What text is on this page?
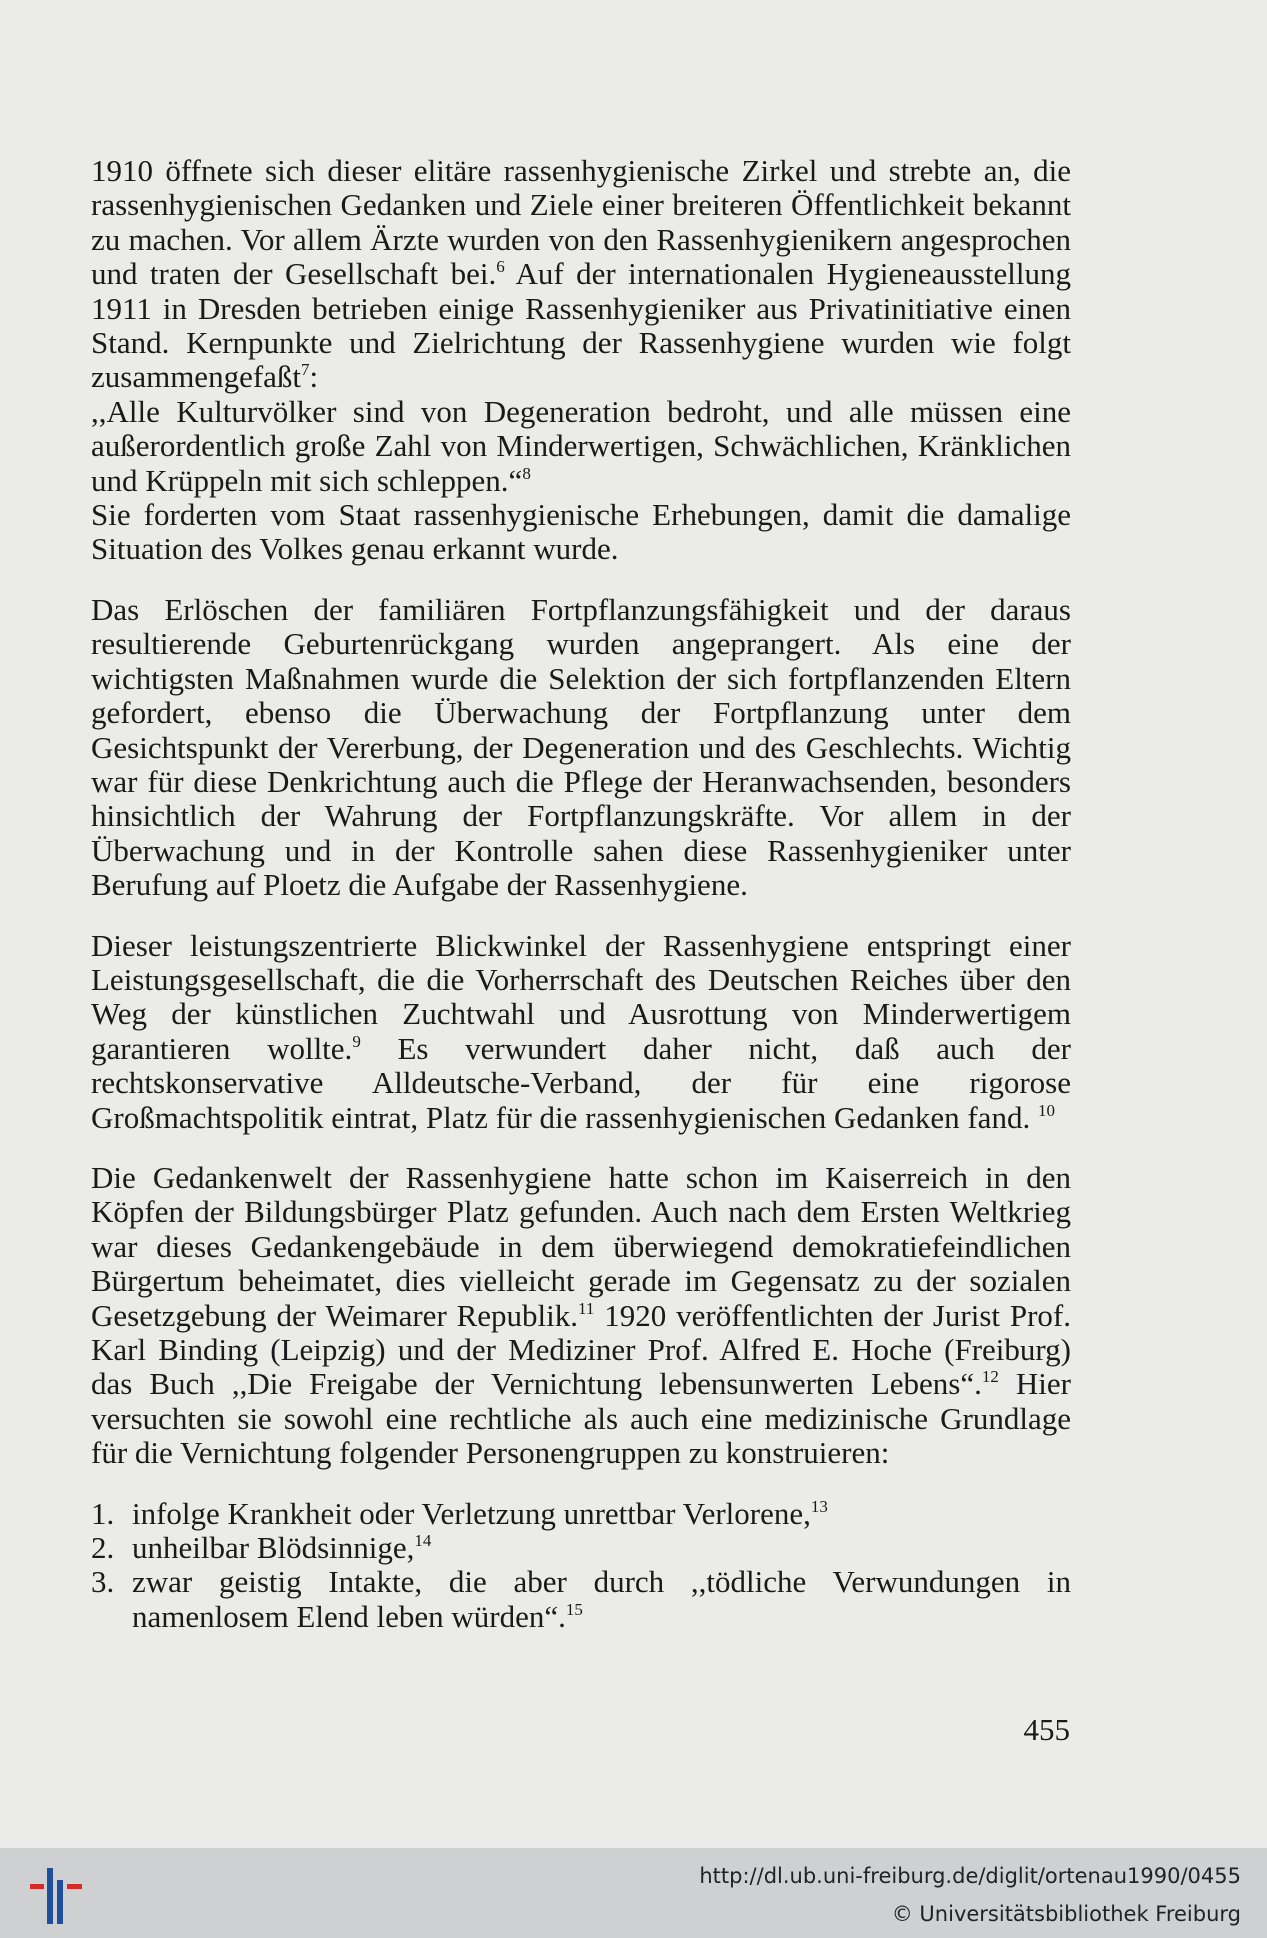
1910 öffnete sich dieser elitäre rassenhygienische Zirkel und strebte an, die rassenhygienischen Gedanken und Ziele einer breiteren Öffentlichkeit bekannt zu machen. Vor allem Ärzte wurden von den Rassenhygienikern angesprochen und traten der Gesellschaft bei.$^6$ Auf der internationalen Hygieneausstellung 1911 in Dresden betrieben einige Rassenhygieniker aus Privatinitiative einen Stand. Kernpunkte und Zielrichtung der Rassenhygiene wurden wie folgt zusammengefaßt$^7$:
,,Alle Kulturvölker sind von Degeneration bedroht, und alle müssen eine außerordentlich große Zahl von Minderwertigen, Schwächlichen, Kränklichen und Krüppeln mit sich schleppen.“$^8$
Sie forderten vom Staat rassenhygienische Erhebungen, damit die damalige Situation des Volkes genau erkannt wurde.

Das Erlöschen der familiären Fortpflanzungsfähigkeit und der daraus resultierende Geburtenrückgang wurden angeprangert. Als eine der wichtigsten Maßnahmen wurde die Selektion der sich fortpflanzenden Eltern gefordert, ebenso die Überwachung der Fortpflanzung unter dem Gesichtspunkt der Vererbung, der Degeneration und des Geschlechts. Wichtig war für diese Denkrichtung auch die Pflege der Heranwachsenden, besonders hinsichtlich der Wahrung der Fortpflanzungskräfte. Vor allem in der Überwachung und in der Kontrolle sahen diese Rassenhygieniker unter Berufung auf Ploetz die Aufgabe der Rassenhygiene.

Dieser leistungszentrierte Blickwinkel der Rassenhygiene entspringt einer Leistungsgesellschaft, die die Vorherrschaft des Deutschen Reiches über den Weg der künstlichen Zuchtwahl und Ausrottung von Minderwertigem garantieren wollte.$^9$ Es verwundert daher nicht, daß auch der rechtskonservative Alldeutsche-Verband, der für eine rigorose Großmachtspolitik eintrat, Platz für die rassenhygienischen Gedanken fand. $^{10}$

Die Gedankenwelt der Rassenhygiene hatte schon im Kaiserreich in den Köpfen der Bildungsbürger Platz gefunden. Auch nach dem Ersten Weltkrieg war dieses Gedankengebäude in dem überwiegend demokratiefeindlichen Bürgertum beheimatet, dies vielleicht gerade im Gegensatz zu der sozialen Gesetzgebung der Weimarer Republik.$^{11}$ 1920 veröffentlichten der Jurist Prof. Karl Binding (Leipzig) und der Mediziner Prof. Alfred E. Hoche (Freiburg) das Buch ,,Die Freigabe der Vernichtung lebensunwerten Lebens“.$^{12}$ Hier versuchten sie sowohl eine rechtliche als auch eine medizinische Grundlage für die Vernichtung folgender Personengruppen zu konstruieren:

1. infolge Krankheit oder Verletzung unrettbar Verlorene,$^{13}$
2. unheilbar Blödsinnige,$^{14}$
3. zwar geistig Intakte, die aber durch ,,tödliche Verwundungen in namenlosem Elend leben würden“.$^{15}$
455
http://dl.ub.uni-freiburg.de/diglit/ortenau1990/0455
© Universitätsbibliothek Freiburg
